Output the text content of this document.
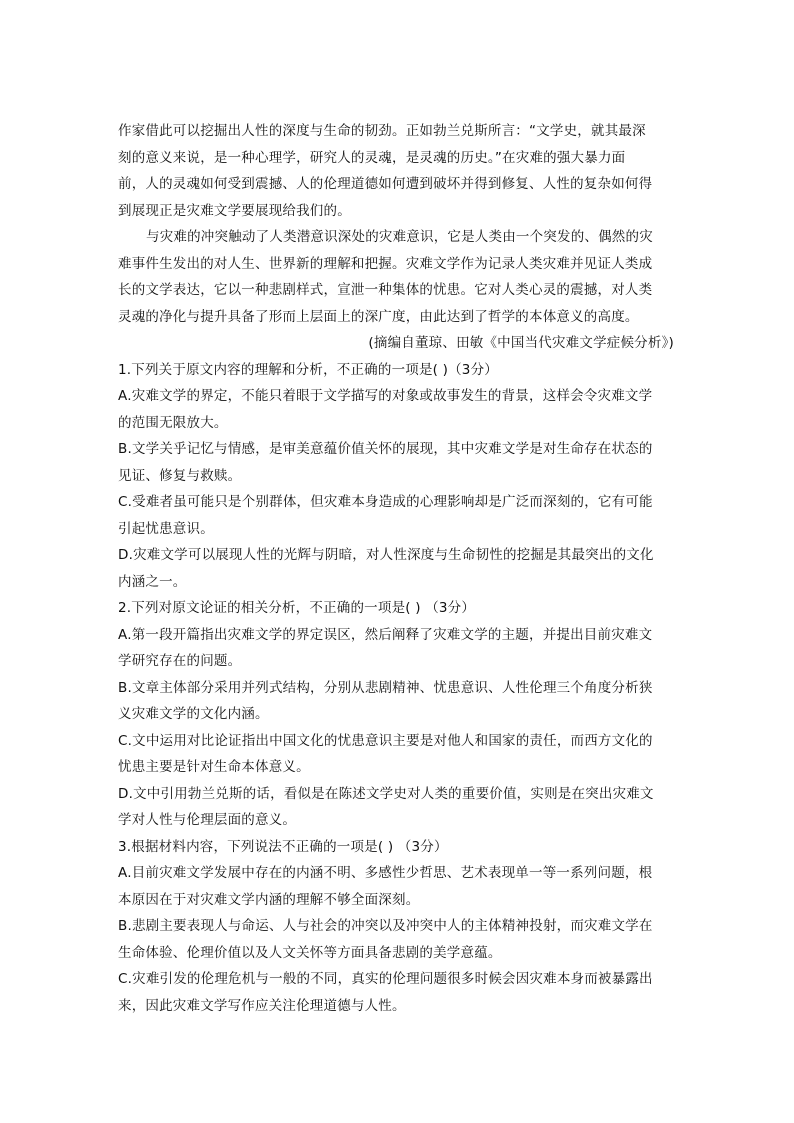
作家借此可以挖掘出人性的深度与生命的韧劲。正如勃兰兑斯所言：“文学史，就其最深
刻的意义来说，是一种心理学，研究人的灵魂，是灵魂的历史。”在灾难的强大暴力面
前，人的灵魂如何受到震撼、人的伦理道德如何遭到破坏并得到修复、人性的复杂如何得
到展现正是灾难文学要展现给我们的。
与灾难的冲突触动了人类潜意识深处的灾难意识，它是人类由一个突发的、偶然的灾
难事件生发出的对人生、世界新的理解和把握。灾难文学作为记录人类灾难并见证人类成
长的文学表达，它以一种悲剧样式，宣泄一种集体的忧患。它对人类心灵的震撼，对人类
灵魂的净化与提升具备了形而上层面上的深广度，由此达到了哲学的本体意义的高度。
(摘编自董琼、田敏《中国当代灾难文学症候分析》)
1.下列关于原文内容的理解和分析，不正确的一项是( )（3分）
A.灾难文学的界定，不能只着眼于文学描写的对象或故事发生的背景，这样会令灾难文学
的范围无限放大。
B.文学关乎记忆与情感，是审美意蕴价值关怀的展现，其中灾难文学是对生命存在状态的
见证、修复与救赎。
C.受难者虽可能只是个别群体，但灾难本身造成的心理影响却是广泛而深刻的，它有可能
引起忧患意识。
D.灾难文学可以展现人性的光辉与阴暗，对人性深度与生命韧性的挖掘是其最突出的文化
内涵之一。
2.下列对原文论证的相关分析，不正确的一项是( ) （3分）
A.第一段开篇指出灾难文学的界定误区，然后阐释了灾难文学的主题，并提出目前灾难文
学研究存在的问题。
B.文章主体部分采用并列式结构，分别从悲剧精神、忧患意识、人性伦理三个角度分析狭
义灾难文学的文化内涵。
C.文中运用对比论证指出中国文化的忧患意识主要是对他人和国家的责任，而西方文化的
忧患主要是针对生命本体意义。
D.文中引用勃兰兑斯的话，看似是在陈述文学史对人类的重要价值，实则是在突出灾难文
学对人性与伦理层面的意义。
3.根据材料内容，下列说法不正确的一项是( ) （3分）
A.目前灾难文学发展中存在的内涵不明、多感性少哲思、艺术表现单一等一系列问题，根
本原因在于对灾难文学内涵的理解不够全面深刻。
B.悲剧主要表现人与命运、人与社会的冲突以及冲突中人的主体精神投射，而灾难文学在
生命体验、伦理价值以及人文关怀等方面具备悲剧的美学意蕴。
C.灾难引发的伦理危机与一般的不同，真实的伦理问题很多时候会因灾难本身而被暴露出
来，因此灾难文学写作应关注伦理道德与人性。
